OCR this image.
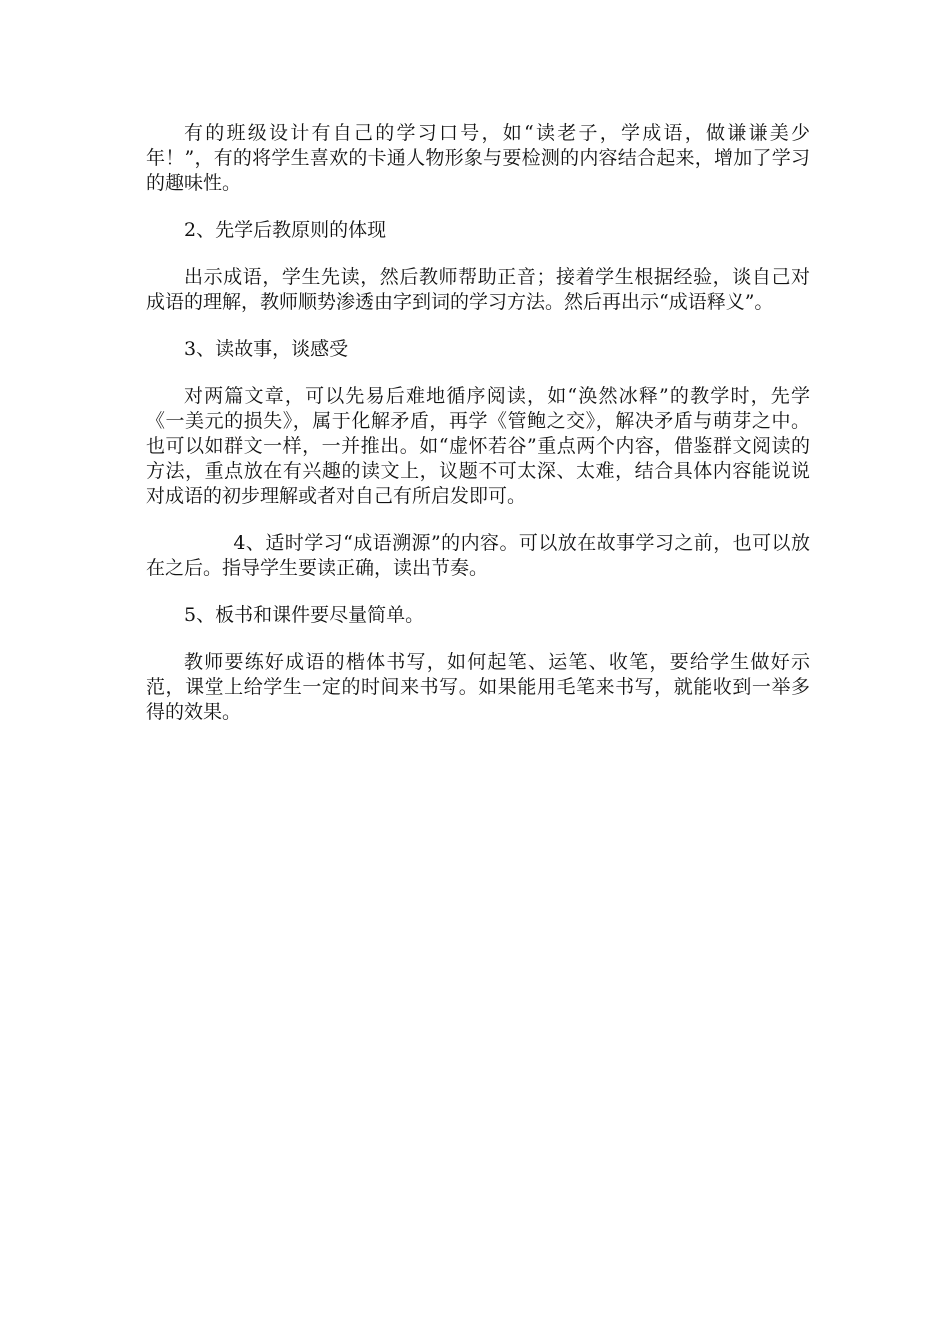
有的班级设计有自己的学习口号，如“读老子，学成语，做谦谦美少年！”，有的将学生喜欢的卡通人物形象与要检测的内容结合起来，增加了学习的趣味性。

2、先学后教原则的体现

出示成语，学生先读，然后教师帮助正音；接着学生根据经验，谈自己对成语的理解，教师顺势渗透由字到词的学习方法。然后再出示“成语释义”。

3、读故事，谈感受

对两篇文章，可以先易后难地循序阅读，如“涣然冰释”的教学时，先学《一美元的损失》，属于化解矛盾，再学《管鲍之交》，解决矛盾与萌芽之中。也可以如群文一样，一并推出。如“虚怀若谷”重点两个内容，借鉴群文阅读的方法，重点放在有兴趣的读文上，议题不可太深、太难，结合具体内容能说说对成语的初步理解或者对自己有所启发即可。

4、适时学习“成语溯源”的内容。可以放在故事学习之前，也可以放在之后。指导学生要读正确，读出节奏。

5、板书和课件要尽量简单。

教师要练好成语的楷体书写，如何起笔、运笔、收笔，要给学生做好示范，课堂上给学生一定的时间来书写。如果能用毛笔来书写，就能收到一举多得的效果。
